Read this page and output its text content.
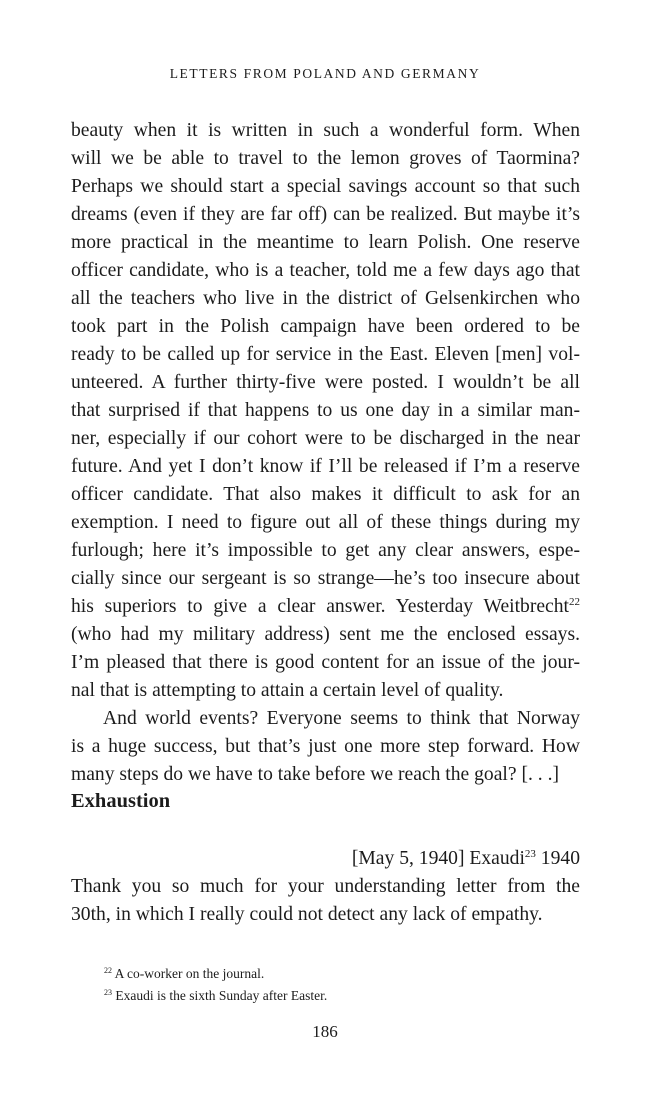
LETTERS FROM POLAND AND GERMANY
beauty when it is written in such a wonderful form. When
will we be able to travel to the lemon groves of Taormina?
Perhaps we should start a special savings account so that such
dreams (even if they are far off) can be realized. But maybe it’s
more practical in the meantime to learn Polish. One reserve
officer candidate, who is a teacher, told me a few days ago that
all the teachers who live in the district of Gelsenkirchen who
took part in the Polish campaign have been ordered to be
ready to be called up for service in the East. Eleven [men] vol-
unteered. A further thirty-five were posted. I wouldn’t be all
that surprised if that happens to us one day in a similar man-
ner, especially if our cohort were to be discharged in the near
future. And yet I don’t know if I’ll be released if I’m a reserve
officer candidate. That also makes it difficult to ask for an
exemption. I need to figure out all of these things during my
furlough; here it’s impossible to get any clear answers, espe-
cially since our sergeant is so strange—he’s too insecure about
his superiors to give a clear answer. Yesterday Weitbrecht$^{22}$
(who had my military address) sent me the enclosed essays.
I’m pleased that there is good content for an issue of the jour-
nal that is attempting to attain a certain level of quality.
And world events? Everyone seems to think that Norway
is a huge success, but that’s just one more step forward. How
many steps do we have to take before we reach the goal? [. . .]
Exhaustion
[May 5, 1940] Exaudi$^{23}$ 1940
Thank you so much for your understanding letter from the
30th, in which I really could not detect any lack of empathy.
$^{22}$ A co-worker on the journal.
$^{23}$ Exaudi is the sixth Sunday after Easter.
186
